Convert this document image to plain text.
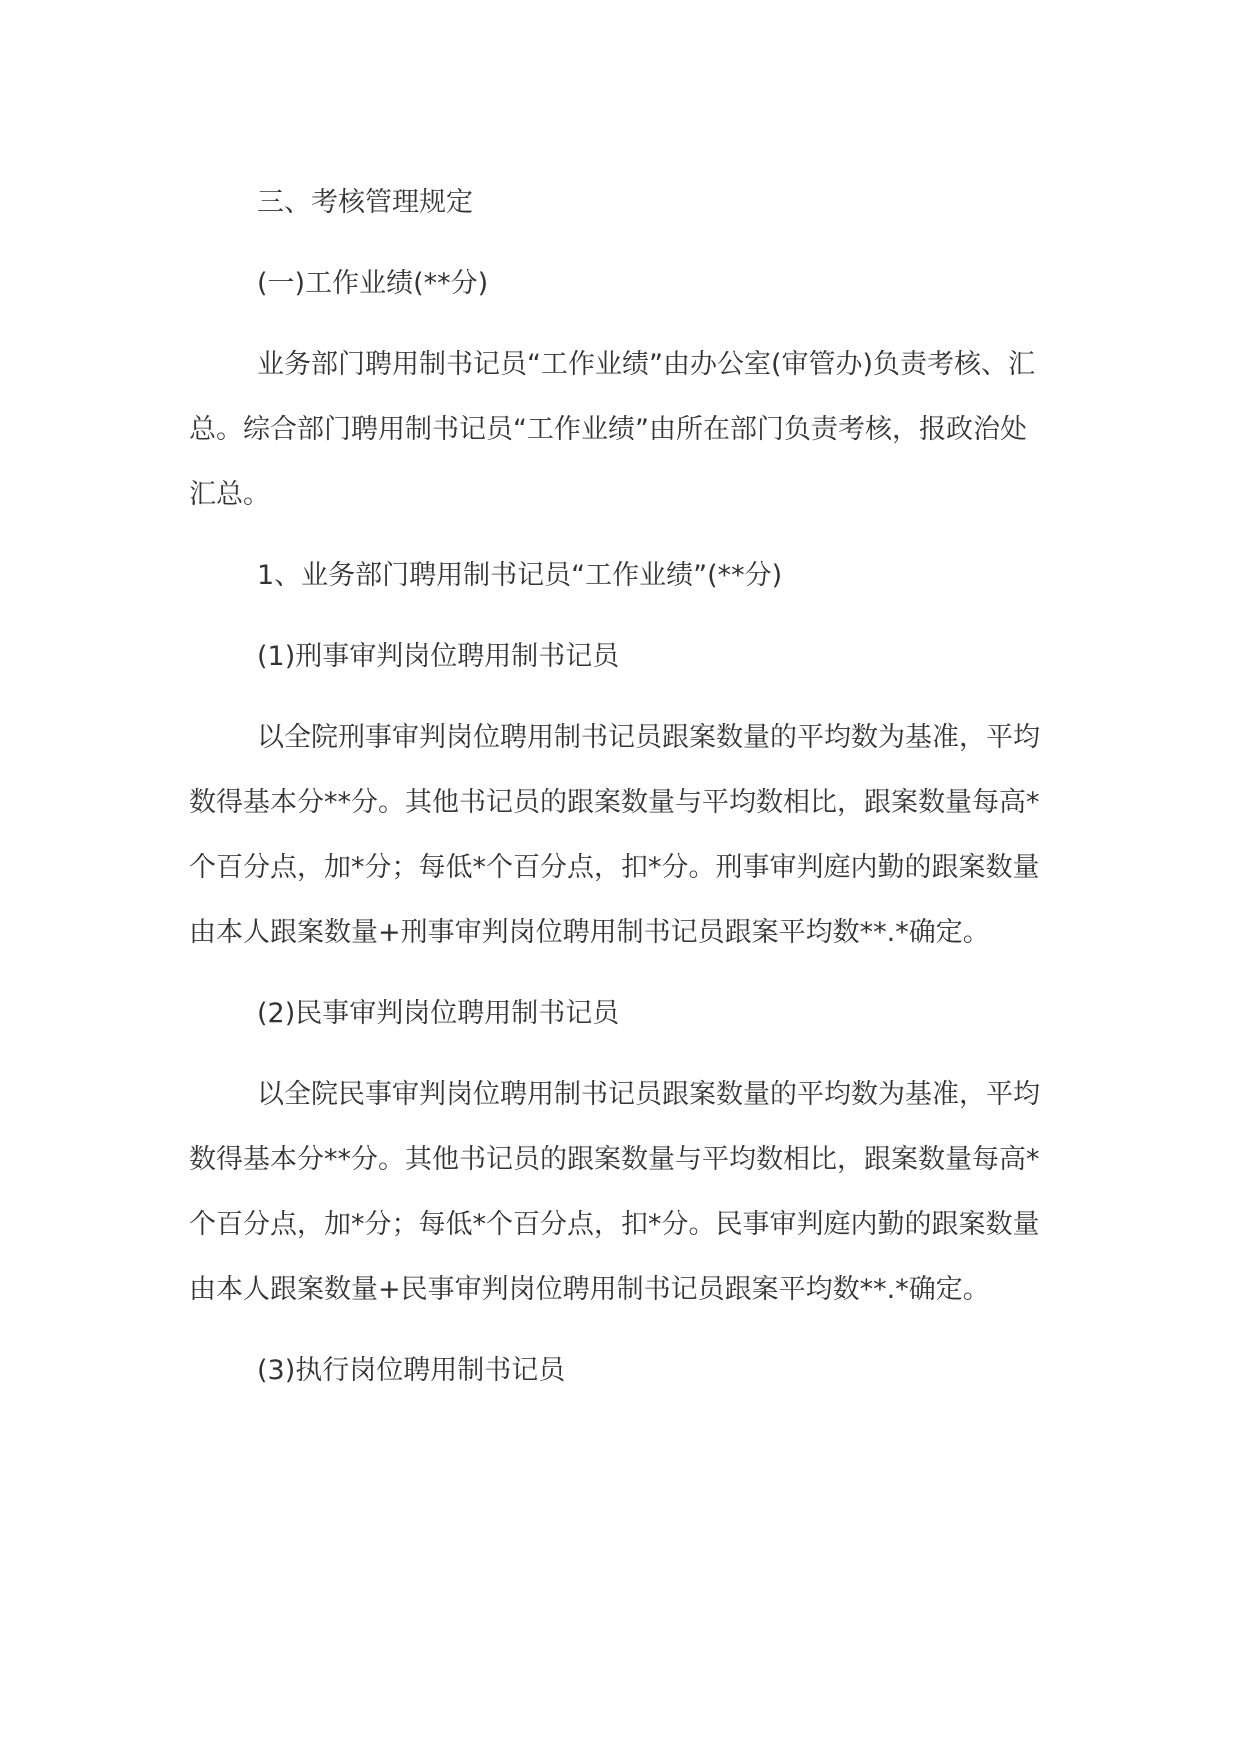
三、考核管理规定

(一)工作业绩(**分)

业务部门聘用制书记员“工作业绩”由办公室(审管办)负责考核、汇总。综合部门聘用制书记员“工作业绩”由所在部门负责考核，报政治处汇总。

1、业务部门聘用制书记员“工作业绩”(**分)

(1)刑事审判岗位聘用制书记员

以全院刑事审判岗位聘用制书记员跟案数量的平均数为基准，平均数得基本分**分。其他书记员的跟案数量与平均数相比，跟案数量每高*个百分点，加*分；每低*个百分点，扣*分。刑事审判庭内勤的跟案数量由本人跟案数量+刑事审判岗位聘用制书记员跟案平均数**.*确定。

(2)民事审判岗位聘用制书记员

以全院民事审判岗位聘用制书记员跟案数量的平均数为基准，平均数得基本分**分。其他书记员的跟案数量与平均数相比，跟案数量每高*个百分点，加*分；每低*个百分点，扣*分。民事审判庭内勤的跟案数量由本人跟案数量+民事审判岗位聘用制书记员跟案平均数**.*确定。

(3)执行岗位聘用制书记员
